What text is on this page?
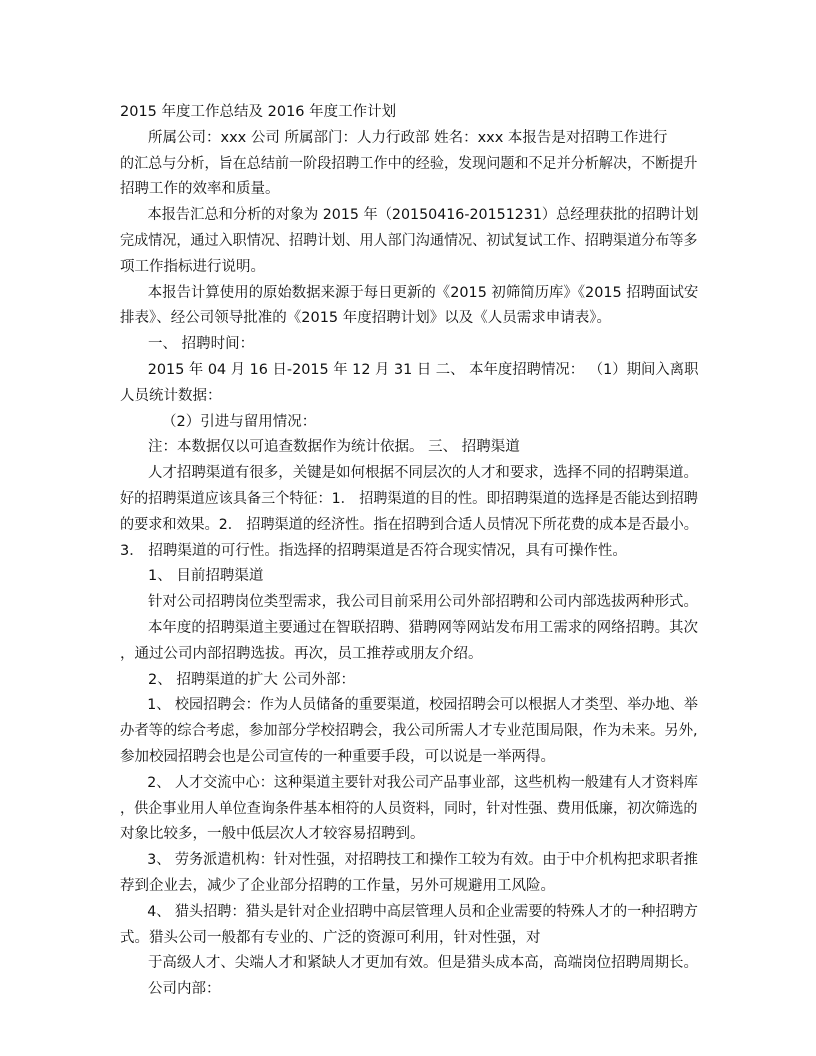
2015 年度工作总结及 2016 年度工作计划
所属公司：xxx 公司 所属部门：人力行政部 姓名：xxx 本报告是对招聘工作进行
的汇总与分析，旨在总结前一阶段招聘工作中的经验，发现问题和不足并分析解决，不断提升
招聘工作的效率和质量。
本报告汇总和分析的对象为 2015 年（20150416-20151231）总经理获批的招聘计划
完成情况，通过入职情况、招聘计划、用人部门沟通情况、初试复试工作、招聘渠道分布等多
项工作指标进行说明。
本报告计算使用的原始数据来源于每日更新的《2015 初筛简历库》《2015 招聘面试安
排表》、经公司领导批准的《2015 年度招聘计划》以及《人员需求申请表》。
一、 招聘时间：
2015 年 04 月 16 日-2015 年 12 月 31 日 二、 本年度招聘情况： （1）期间入离职
人员统计数据：
（2）引进与留用情况：
注：本数据仅以可追查数据作为统计依据。 三、 招聘渠道
人才招聘渠道有很多，关键是如何根据不同层次的人才和要求，选择不同的招聘渠道。
好的招聘渠道应该具备三个特征：1． 招聘渠道的目的性。即招聘渠道的选择是否能达到招聘
的要求和效果。2． 招聘渠道的经济性。指在招聘到合适人员情况下所花费的成本是否最小。
3． 招聘渠道的可行性。指选择的招聘渠道是否符合现实情况，具有可操作性。
1、 目前招聘渠道
针对公司招聘岗位类型需求，我公司目前采用公司外部招聘和公司内部选拔两种形式。
本年度的招聘渠道主要通过在智联招聘、猎聘网等网站发布用工需求的网络招聘。其次
，通过公司内部招聘选拔。再次，员工推荐或朋友介绍。
2、 招聘渠道的扩大 公司外部：
1、 校园招聘会：作为人员储备的重要渠道，校园招聘会可以根据人才类型、举办地、举
办者等的综合考虑，参加部分学校招聘会，我公司所需人才专业范围局限，作为未来。另外,
参加校园招聘会也是公司宣传的一种重要手段，可以说是一举两得。
2、 人才交流中心：这种渠道主要针对我公司产品事业部，这些机构一般建有人才资料库
，供企事业用人单位查询条件基本相符的人员资料，同时，针对性强、费用低廉，初次筛选的
对象比较多，一般中低层次人才较容易招聘到。
3、 劳务派遣机构：针对性强，对招聘技工和操作工较为有效。由于中介机构把求职者推
荐到企业去，减少了企业部分招聘的工作量，另外可规避用工风险。
4、 猎头招聘：猎头是针对企业招聘中高层管理人员和企业需要的特殊人才的一种招聘方
式。猎头公司一般都有专业的、广泛的资源可利用，针对性强，对
于高级人才、尖端人才和紧缺人才更加有效。但是猎头成本高，高端岗位招聘周期长。
公司内部：
